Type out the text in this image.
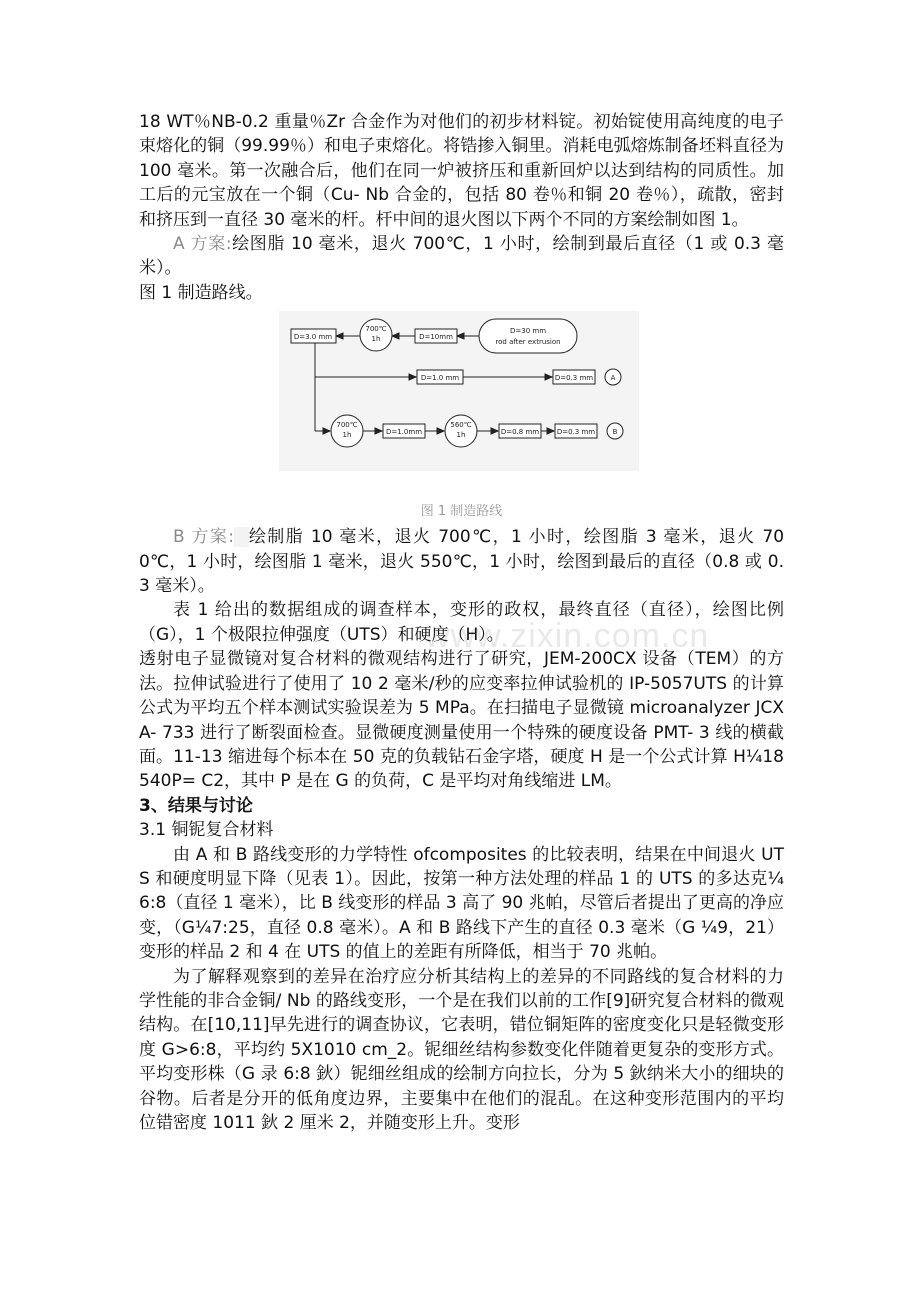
www.zixin.com.cn

18 WT％NB-0.2 重量％Zr 合金作为对他们的初步材料锭。初始锭使用高纯度的电子束熔化的铜（99.99％）和电子束熔化。将锆掺入铜里。消耗电弧熔炼制备坯料直径为 100 毫米。第一次融合后，他们在同一炉被挤压和重新回炉以达到结构的同质性。加工后的元宝放在一个铜（Cu- Nb 合金的，包括 80 卷％和铜 20 卷％），疏散，密封和挤压到一直径 30 毫米的杆。杆中间的退火图以下两个不同的方案绘制如图 1。

A 方案:绘图脂 10 毫米，退火 700℃，1 小时，绘制到最后直径（1 或 0.3 毫米）。

图 1 制造路线。

D=30 mm
rod after extrusion
D=10mm
700℃
1h
D=3.0 mm
D=1.0 mm	D=0.3 mm A
700℃
1h	D=1.0mm
560℃
1h	D=0.8 mm	D=0.3 mm B
图 1 制造路线

B 方案: 绘制脂 10 毫米，退火 700℃，1 小时，绘图脂 3 毫米，退火 700℃，1 小时，绘图脂 1 毫米，退火 550℃，1 小时，绘图到最后的直径（0.8 或 0.3 毫米）。

表 1 给出的数据组成的调查样本，变形的政权，最终直径（直径），绘图比例（G），1 个极限拉伸强度（UTS）和硬度（H）。

透射电子显微镜对复合材料的微观结构进行了研究，JEM-200CX 设备（TEM）的方法。拉伸试验进行了使用了 10 2 毫米/秒的应变率拉伸试验机的 IP-5057UTS 的计算公式为平均五个样本测试实验误差为 5 MPa。在扫描电子显微镜 microanalyzer JCXA- 733 进行了断裂面检查。显微硬度测量使用一个特殊的硬度设备 PMT- 3 线的横截面。11-13 缩进每个标本在 50 克的负载钻石金字塔，硬度 H 是一个公式计算 H¼18540P= C2，其中 P 是在 G 的负荷，C 是平均对角线缩进 LM。

3、结果与讨论

3.1 铜铌复合材料

由 A 和 B 路线变形的力学特性 ofcomposites 的比较表明，结果在中间退火 UTS 和硬度明显下降（见表 1）。因此，按第一种方法处理的样品 1 的 UTS 的多达克¼6:8（直径 1 毫米），比 B 线变形的样品 3 高了 90 兆帕，尽管后者提出了更高的净应变，（G¼7:25，直径 0.8 毫米）。A 和 B 路线下产生的直径 0.3 毫米（G ¼9，21）变形的样品 2 和 4 在 UTS 的值上的差距有所降低，相当于 70 兆帕。

为了解释观察到的差异在治疗应分析其结构上的差异的不同路线的复合材料的力学性能的非合金铜/ Nb 的路线变形，一个是在我们以前的工作[9]研究复合材料的微观结构。在[10,11]早先进行的调查协议，它表明，错位铜矩阵的密度变化只是轻微变形度 G>6:8，平均约 5X1010 cm_2。铌细丝结构参数变化伴随着更复杂的变形方式。平均变形株（G 录 6:8 鈥）铌细丝组成的绘制方向拉长，分为 5 鈥纳米大小的细块的谷物。后者是分开的低角度边界，主要集中在他们的混乱。在这种变形范围内的平均位错密度 1011 鈥 2 厘米 2，并随变形上升。变形
